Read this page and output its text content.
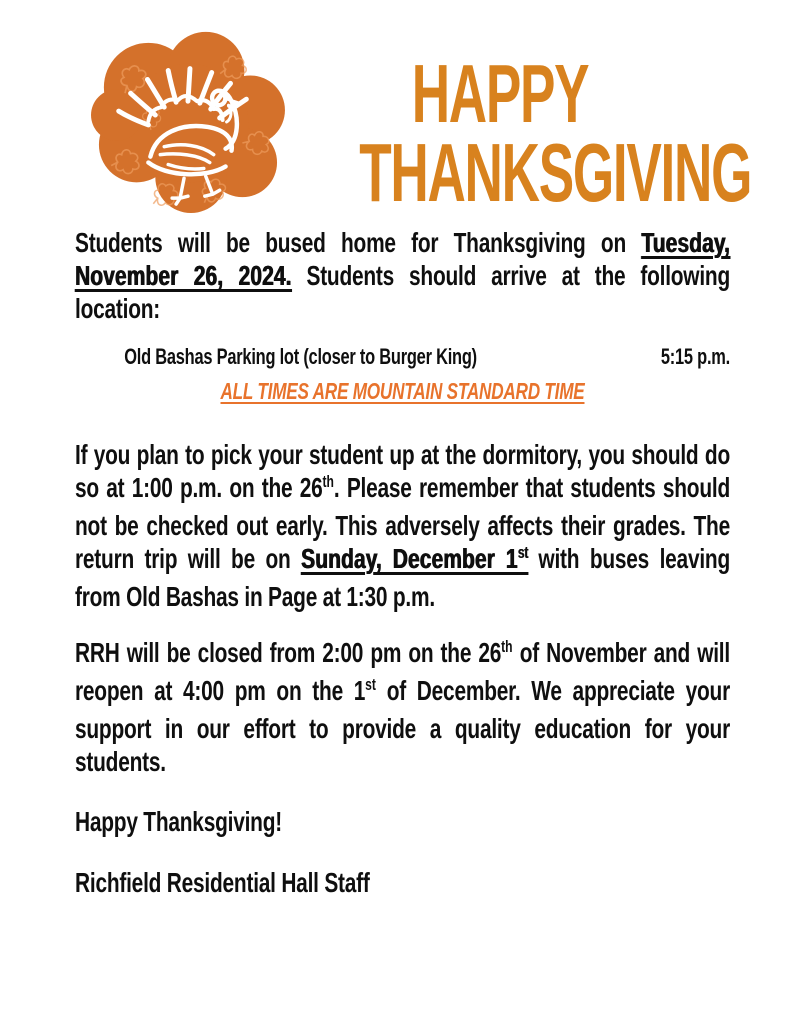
HAPPY
THANKSGIVING

Students will be bused home for Thanksgiving on Tuesday, November 26, 2024. Students should arrive at the following location:

Old Bashas Parking lot (closer to Burger King)	5:15 p.m.
ALL TIMES ARE MOUNTAIN STANDARD TIME

If you plan to pick your student up at the dormitory, you should do so at 1:00 p.m. on the 26th. Please remember that students should not be checked out early. This adversely affects their grades. The return trip will be on Sunday, December 1st with buses leaving from Old Bashas in Page at 1:30 p.m.

RRH will be closed from 2:00 pm on the 26th of November and will reopen at 4:00 pm on the 1st of December. We appreciate your support in our effort to provide a quality education for your students.

Happy Thanksgiving!

Richfield Residential Hall Staff
